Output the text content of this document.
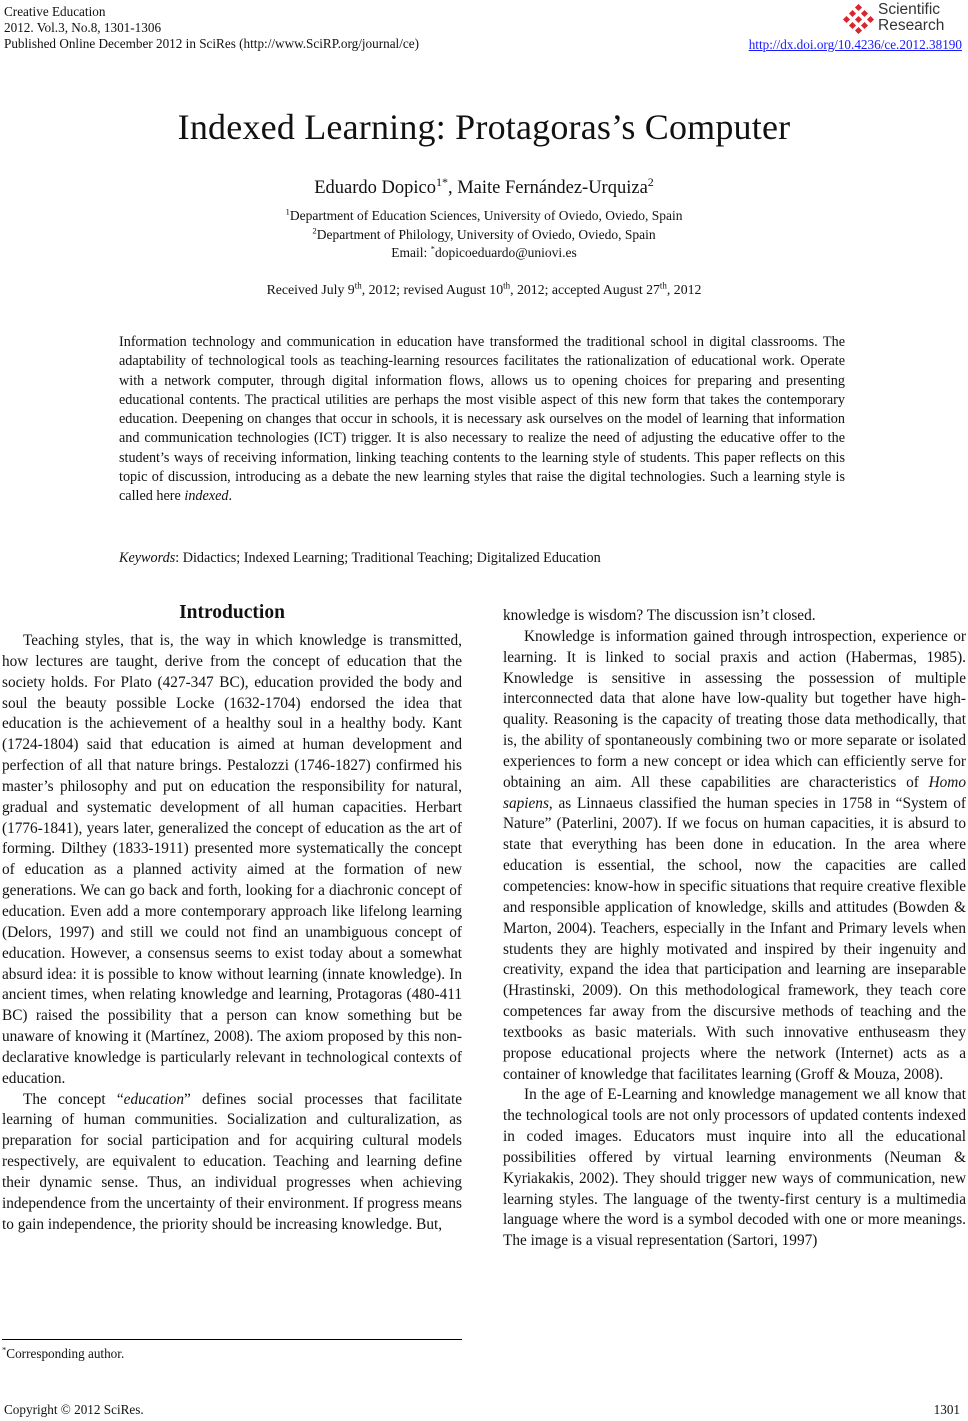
Creative Education
2012. Vol.3, No.8, 1301-1306
Published Online December 2012 in SciRes (http://www.SciRP.org/journal/ce)
Scientific
Research
http://dx.doi.org/10.4236/ce.2012.38190
Indexed Learning: Protagoras’s Computer
Eduardo Dopico$^{1*}$, Maite Fernández-Urquiza$^2$
$^1$Department of Education Sciences, University of Oviedo, Oviedo, Spain
$^2$Department of Philology, University of Oviedo, Oviedo, Spain
Email: *dopicoeduardo@uniovi.es
Received July 9th, 2012; revised August 10th, 2012; accepted August 27th, 2012
Information technology and communication in education have transformed the traditional school in digital classrooms. The adaptability of technological tools as teaching-learning resources facilitates the rationalization of educational work. Operate with a network computer, through digital information flows, allows us to opening choices for preparing and presenting educational contents. The practical utilities are perhaps the most visible aspect of this new form that takes the contemporary education. Deepening on changes that occur in schools, it is necessary ask ourselves on the model of learning that information and communication technologies (ICT) trigger. It is also necessary to realize the need of adjusting the educative offer to the student’s ways of receiving information, linking teaching contents to the learning style of students. This paper reflects on this topic of discussion, introducing as a debate the new learning styles that raise the digital technologies. Such a learning style is called here indexed.
Keywords: Didactics; Indexed Learning; Traditional Teaching; Digitalized Education
Introduction

Teaching styles, that is, the way in which knowledge is transmitted, how lectures are taught, derive from the concept of education that the society holds. For Plato (427-347 BC), education provided the body and soul the beauty possible Locke (1632-1704) endorsed the idea that education is the achievement of a healthy soul in a healthy body. Kant (1724-1804) said that education is aimed at human development and perfection of all that nature brings. Pestalozzi (1746-1827) confirmed his master’s philosophy and put on education the responsibility for natural, gradual and systematic development of all human capacities. Herbart (1776-1841), years later, generalized the concept of education as the art of forming. Dilthey (1833-1911) presented more systematically the concept of education as a planned activity aimed at the formation of new generations. We can go back and forth, looking for a diachronic concept of education. Even add a more contemporary approach like lifelong learning (Delors, 1997) and still we could not find an unambiguous concept of education. However, a consensus seems to exist today about a somewhat absurd idea: it is possible to know without learning (innate knowledge). In ancient times, when relating knowledge and learning, Protagoras (480-411 BC) raised the possibility that a person can know something but be unaware of knowing it (Martínez, 2008). The axiom proposed by this non-declarative knowledge is particularly relevant in technological contexts of education.

The concept “education” defines social processes that facilitate learning of human communities. Socialization and culturalization, as preparation for social participation and for acquiring cultural models respectively, are equivalent to education. Teaching and learning define their dynamic sense. Thus, an individual progresses when achieving independence from the uncertainty of their environment. If progress means to gain independence, the priority should be increasing knowledge. But,

knowledge is wisdom? The discussion isn’t closed.

Knowledge is information gained through introspection, experience or learning. It is linked to social praxis and action (Habermas, 1985). Knowledge is sensitive in assessing the possession of multiple interconnected data that alone have low-quality but together have high-quality. Reasoning is the capacity of treating those data methodically, that is, the ability of spontaneously combining two or more separate or isolated experiences to form a new concept or idea which can efficiently serve for obtaining an aim. All these capabilities are characteristics of Homo sapiens, as Linnaeus classified the human species in 1758 in “System of Nature” (Paterlini, 2007). If we focus on human capacities, it is absurd to state that everything has been done in education. In the area where education is essential, the school, now the capacities are called competencies: know-how in specific situations that require creative flexible and responsible application of knowledge, skills and attitudes (Bowden & Marton, 2004). Teachers, especially in the Infant and Primary levels when students they are highly motivated and inspired by their ingenuity and creativity, expand the idea that participation and learning are inseparable (Hrastinski, 2009). On this methodological framework, they teach core competences far away from the discursive methods of teaching and the textbooks as basic materials. With such innovative enthuseasm they propose educational projects where the network (Internet) acts as a container of knowledge that facilitates learning (Groff & Mouza, 2008).

In the age of E-Learning and knowledge management we all know that the technological tools are not only processors of updated contents indexed in coded images. Educators must inquire into all the educational possibilities offered by virtual learning environments (Neuman & Kyriakakis, 2002). They should trigger new ways of communication, new learning styles. The language of the twenty-first century is a multimedia language where the word is a symbol decoded with one or more meanings. The image is a visual representation (Sartori, 1997)

*Corresponding author.
Copyright © 2012 SciRes.	1301
